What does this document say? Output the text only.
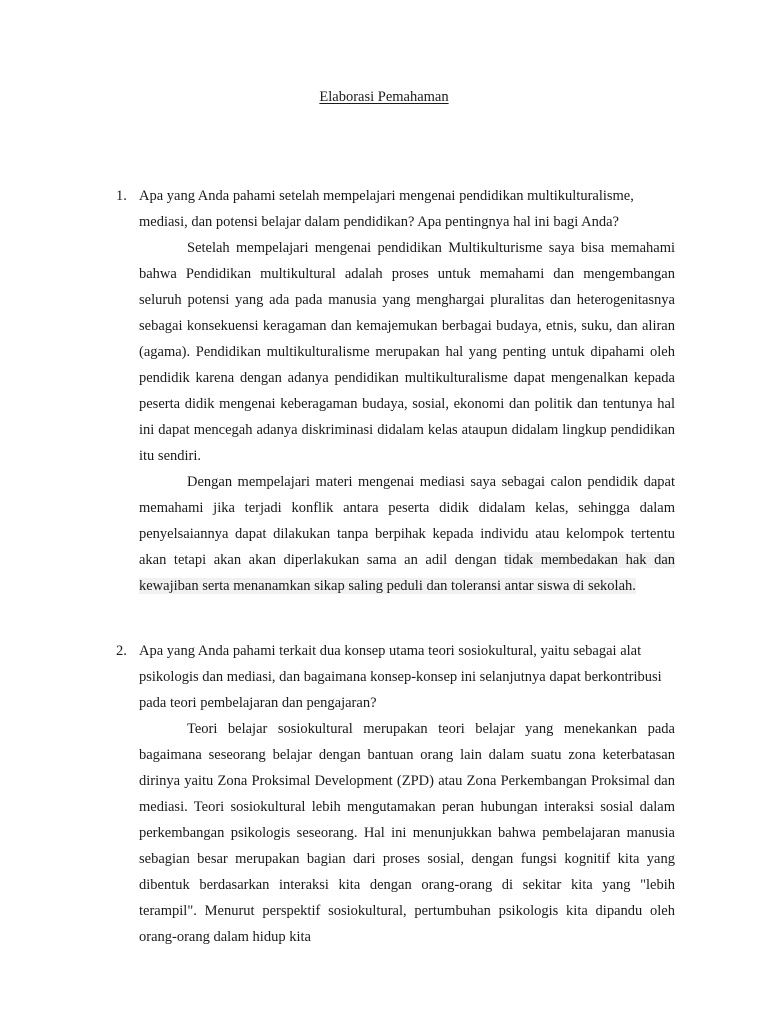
Elaborasi Pemahaman
1. Apa yang Anda pahami setelah mempelajari mengenai pendidikan multikulturalisme, mediasi, dan potensi belajar dalam pendidikan? Apa pentingnya hal ini bagi Anda?

Setelah mempelajari mengenai pendidikan Multikulturisme saya bisa memahami bahwa Pendidikan multikultural adalah proses untuk memahami dan mengembangan seluruh potensi yang ada pada manusia yang menghargai pluralitas dan heterogenitasnya sebagai konsekuensi keragaman dan kemajemukan berbagai budaya, etnis, suku, dan aliran (agama). Pendidikan multikulturalisme merupakan hal yang penting untuk dipahami oleh pendidik karena dengan adanya pendidikan multikulturalisme dapat mengenalkan kepada peserta didik mengenai keberagaman budaya, sosial, ekonomi dan politik dan tentunya hal ini dapat mencegah adanya diskriminasi didalam kelas ataupun didalam lingkup pendidikan itu sendiri.

Dengan mempelajari materi mengenai mediasi saya sebagai calon pendidik dapat memahami jika terjadi konflik antara peserta didik didalam kelas, sehingga dalam penyelsaiannya dapat dilakukan tanpa berpihak kepada individu atau kelompok tertentu akan tetapi akan akan diperlakukan sama an adil dengan tidak membedakan hak dan kewajiban serta menanamkan sikap saling peduli dan toleransi antar siswa di sekolah.

2. Apa yang Anda pahami terkait dua konsep utama teori sosiokultural, yaitu sebagai alat psikologis dan mediasi, dan bagaimana konsep-konsep ini selanjutnya dapat berkontribusi pada teori pembelajaran dan pengajaran?

Teori belajar sosiokultural merupakan teori belajar yang menekankan pada bagaimana seseorang belajar dengan bantuan orang lain dalam suatu zona keterbatasan dirinya yaitu Zona Proksimal Development (ZPD) atau Zona Perkembangan Proksimal dan mediasi. Teori sosiokultural lebih mengutamakan peran hubungan interaksi sosial dalam perkembangan psikologis seseorang. Hal ini menunjukkan bahwa pembelajaran manusia sebagian besar merupakan bagian dari proses sosial, dengan fungsi kognitif kita yang dibentuk berdasarkan interaksi kita dengan orang-orang di sekitar kita yang "lebih terampil". Menurut perspektif sosiokultural, pertumbuhan psikologis kita dipandu oleh orang-orang dalam hidup kita
